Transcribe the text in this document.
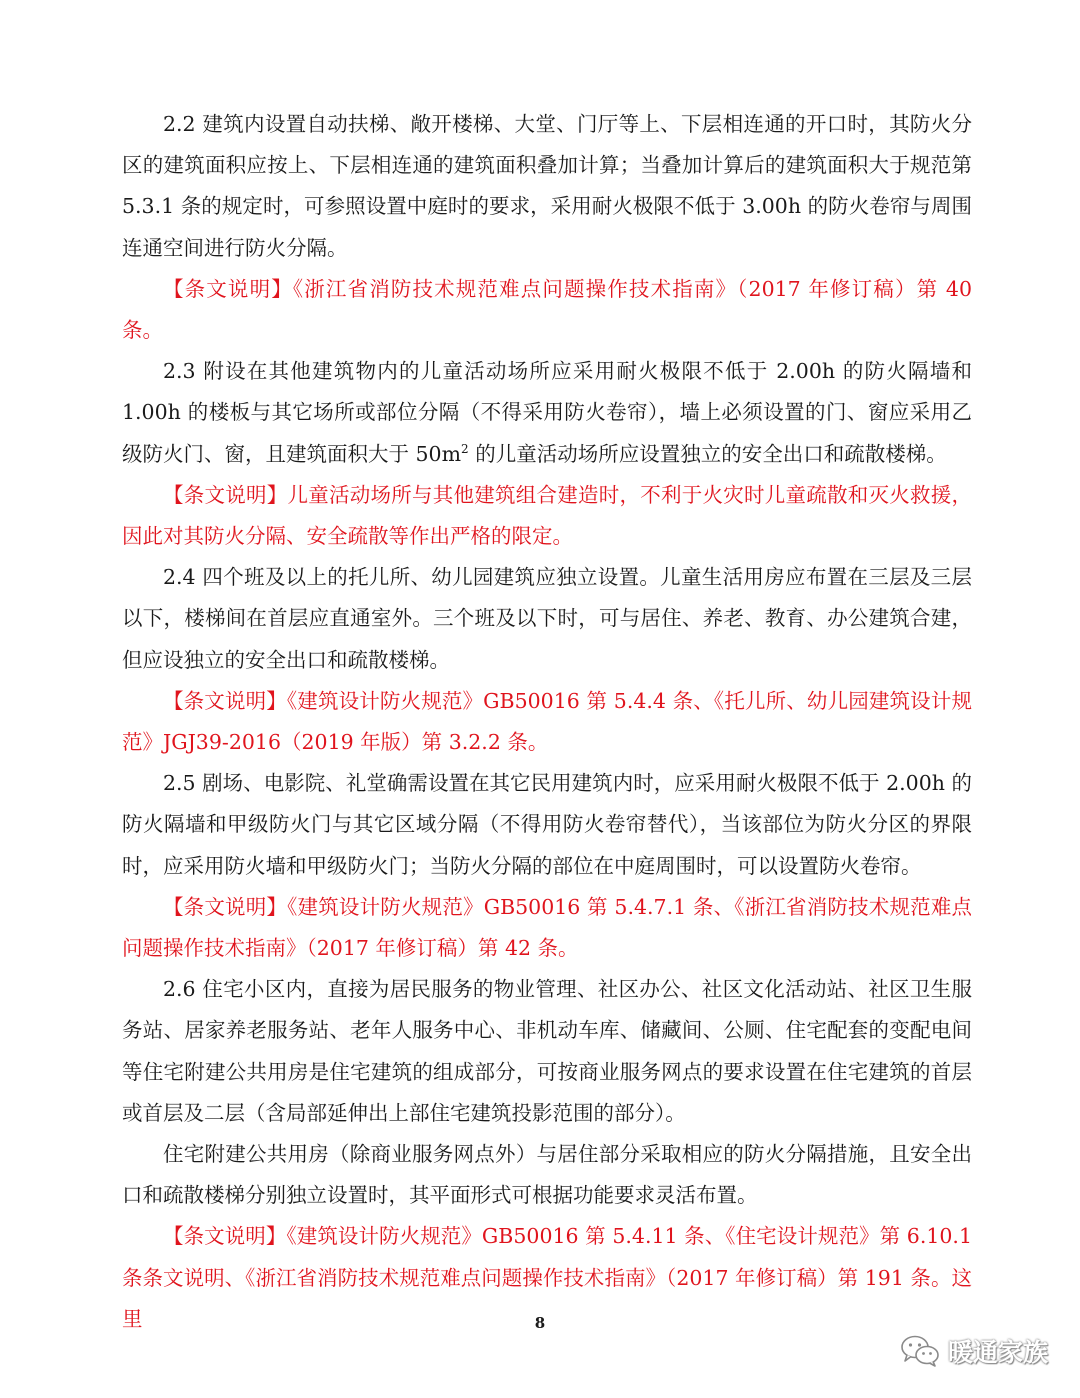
2.2 建筑内设置自动扶梯、敞开楼梯、大堂、门厅等上、下层相连通的开口时，其防火分区的建筑面积应按上、下层相连通的建筑面积叠加计算；当叠加计算后的建筑面积大于规范第 5.3.1 条的规定时，可参照设置中庭时的要求，采用耐火极限不低于 3.00h 的防火卷帘与周围连通空间进行防火分隔。

【条文说明】《浙江省消防技术规范难点问题操作技术指南》（2017 年修订稿）第 40 条。

2.3 附设在其他建筑物内的儿童活动场所应采用耐火极限不低于 2.00h 的防火隔墙和 1.00h 的楼板与其它场所或部位分隔（不得采用防火卷帘），墙上必须设置的门、窗应采用乙级防火门、窗，且建筑面积大于 $50m^2$ 的儿童活动场所应设置独立的安全出口和疏散楼梯。

【条文说明】儿童活动场所与其他建筑组合建造时，不利于火灾时儿童疏散和灭火救援，因此对其防火分隔、安全疏散等作出严格的限定。

2.4 四个班及以上的托儿所、幼儿园建筑应独立设置。儿童生活用房应布置在三层及三层以下，楼梯间在首层应直通室外。三个班及以下时，可与居住、养老、教育、办公建筑合建，但应设独立的安全出口和疏散楼梯。

【条文说明】《建筑设计防火规范》GB50016 第 5.4.4 条、《托儿所、幼儿园建筑设计规范》JGJ39-2016（2019 年版）第 3.2.2 条。

2.5 剧场、电影院、礼堂确需设置在其它民用建筑内时，应采用耐火极限不低于 2.00h 的防火隔墙和甲级防火门与其它区域分隔（不得用防火卷帘替代），当该部位为防火分区的界限时，应采用防火墙和甲级防火门；当防火分隔的部位在中庭周围时，可以设置防火卷帘。

【条文说明】《建筑设计防火规范》GB50016 第 5.4.7.1 条、《浙江省消防技术规范难点问题操作技术指南》（2017 年修订稿）第 42 条。

2.6 住宅小区内，直接为居民服务的物业管理、社区办公、社区文化活动站、社区卫生服务站、居家养老服务站、老年人服务中心、非机动车库、储藏间、公厕、住宅配套的变配电间等住宅附建公共用房是住宅建筑的组成部分，可按商业服务网点的要求设置在住宅建筑的首层或首层及二层（含局部延伸出上部住宅建筑投影范围的部分）。

住宅附建公共用房（除商业服务网点外）与居住部分采取相应的防火分隔措施，且安全出口和疏散楼梯分别独立设置时，其平面形式可根据功能要求灵活布置。

【条文说明】《建筑设计防火规范》GB50016 第 5.4.11 条、《住宅设计规范》第 6.10.1 条条文说明、《浙江省消防技术规范难点问题操作技术指南》（2017 年修订稿）第 191 条。这里	8
暖通家族
